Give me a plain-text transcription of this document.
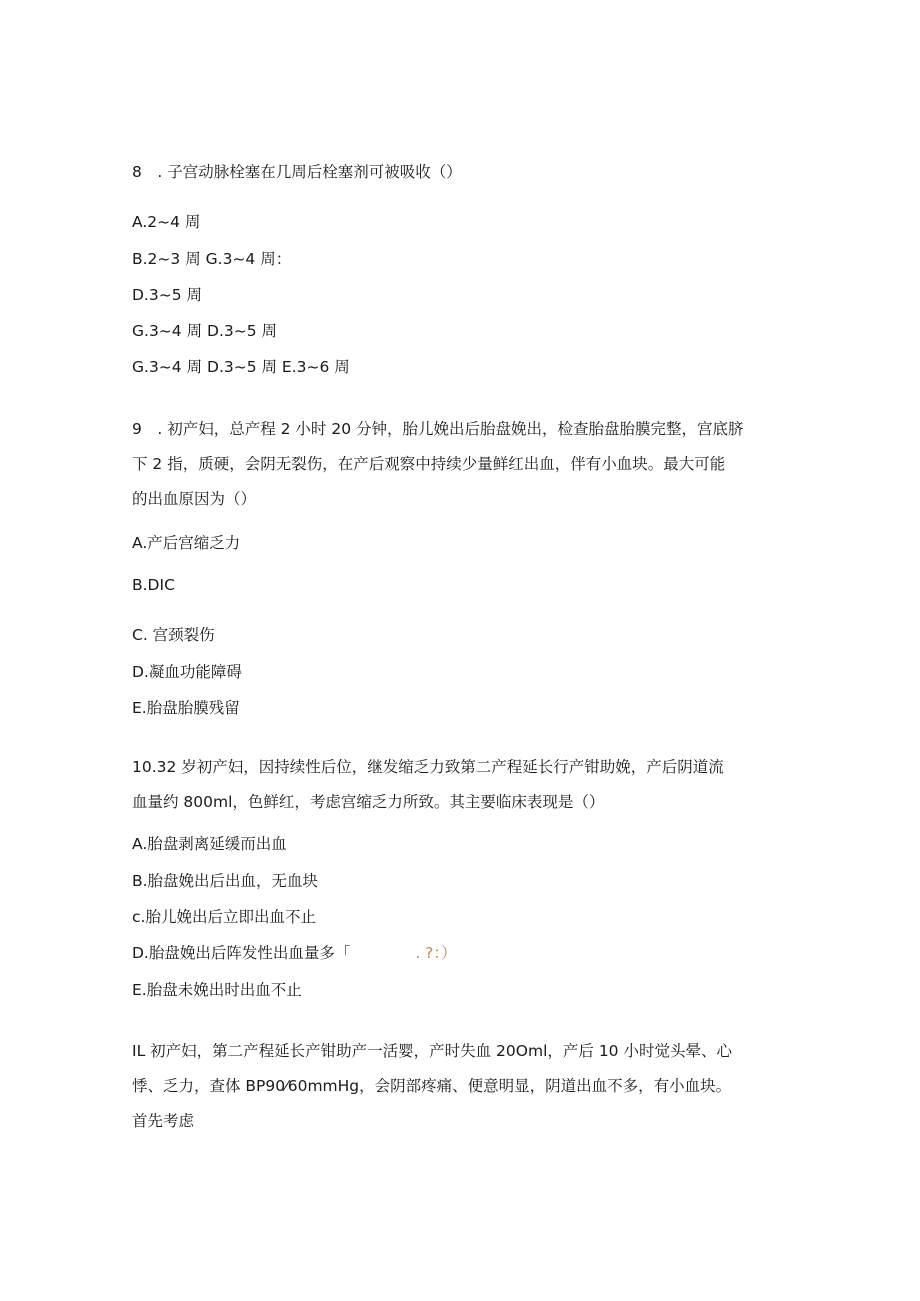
8　. 子宫动脉栓塞在几周后栓塞剂可被吸收（）
A.2~4 周
B.2~3 周 G.3~4 周：
D.3~5 周
G.3~4 周 D.3~5 周
G.3~4 周 D.3~5 周 E.3~6 周
9　. 初产妇，总产程 2 小时 20 分钟，胎儿娩出后胎盘娩出，检查胎盘胎膜完整，宫底脐
下 2 指，质硬，会阴无裂伤，在产后观察中持续少量鲜红出血，伴有小血块。最大可能
的出血原因为（）
A.产后宫缩乏力
B.DIC
C. 宫颈裂伤
D.凝血功能障碍
E.胎盘胎膜残留
10.32 岁初产妇，因持续性后位，继发缩乏力致第二产程延长行产钳助娩，产后阴道流
血量约 800ml，色鲜红，考虑宫缩乏力所致。其主要临床表现是（）
A.胎盘剥离延缓而出血
B.胎盘娩出后出血，无血块
c.胎儿娩出后立即出血不止
D.胎盘娩出后阵发性出血量多「	. ?：）
E.胎盘未娩出时出血不止
IL 初产妇，第二产程延长产钳助产一活婴，产时失血 20Oml，产后 10 小时觉头晕、心
悸、乏力，查体 BP90⁄60mmHg，会阴部疼痛、便意明显，阴道出血不多，有小血块。
首先考虑
